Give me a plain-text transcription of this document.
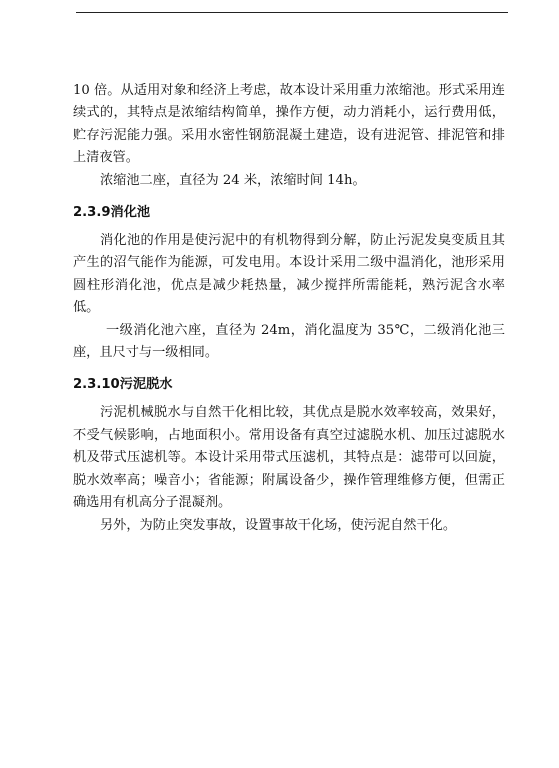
10 倍。从适用对象和经济上考虑，故本设计采用重力浓缩池。形式采用连续式的，其特点是浓缩结构简单，操作方便，动力消耗小，运行费用低，贮存污泥能力强。采用水密性钢筋混凝土建造，设有进泥管、排泥管和排上清夜管。

浓缩池二座，直径为 24 米，浓缩时间 14h。

2.3.9消化池

消化池的作用是使污泥中的有机物得到分解，防止污泥发臭变质且其产生的沼气能作为能源，可发电用。本设计采用二级中温消化，池形采用圆柱形消化池，优点是减少耗热量，减少搅拌所需能耗，熟污泥含水率低。

一级消化池六座，直径为 24m，消化温度为 35℃，二级消化池三座，且尺寸与一级相同。

2.3.10污泥脱水

污泥机械脱水与自然干化相比较，其优点是脱水效率较高，效果好，不受气候影响，占地面积小。常用设备有真空过滤脱水机、加压过滤脱水机及带式压滤机等。本设计采用带式压滤机，其特点是：滤带可以回旋，脱水效率高；噪音小；省能源；附属设备少，操作管理维修方便，但需正确选用有机高分子混凝剂。

另外，为防止突发事故，设置事故干化场，使污泥自然干化。
